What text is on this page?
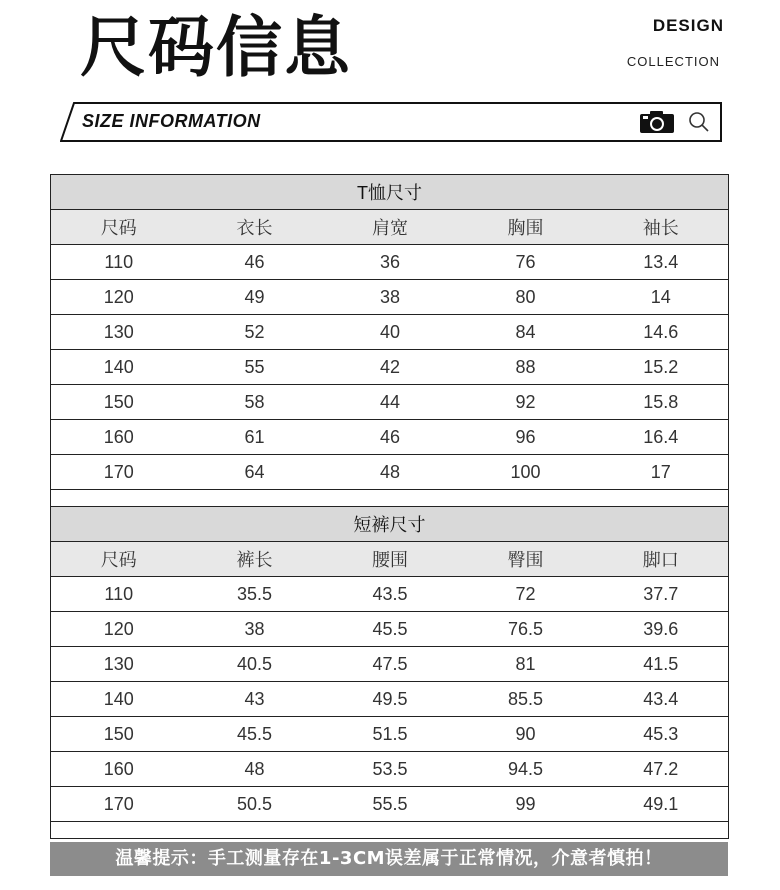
尺码信息	DESIGN
COLLECTION
SIZE INFORMATION
T恤尺寸				
尺码	衣长	肩宽	胸围	袖长
110	46	36	76	13.4
120	49	38	80	14
130	52	40	84	14.6
140	55	42	88	15.2
150	58	44	92	15.8
160	61	46	96	16.4
170	64	48	100	17

短裤尺寸				
尺码	裤长	腰围	臀围	脚口
110	35.5	43.5	72	37.7
120	38	45.5	76.5	39.6
130	40.5	47.5	81	41.5
140	43	49.5	85.5	43.4
150	45.5	51.5	90	45.3
160	48	53.5	94.5	47.2
170	50.5	55.5	99	49.1

温馨提示：手工测量存在1-3CM误差属于正常情况，介意者慎拍！
